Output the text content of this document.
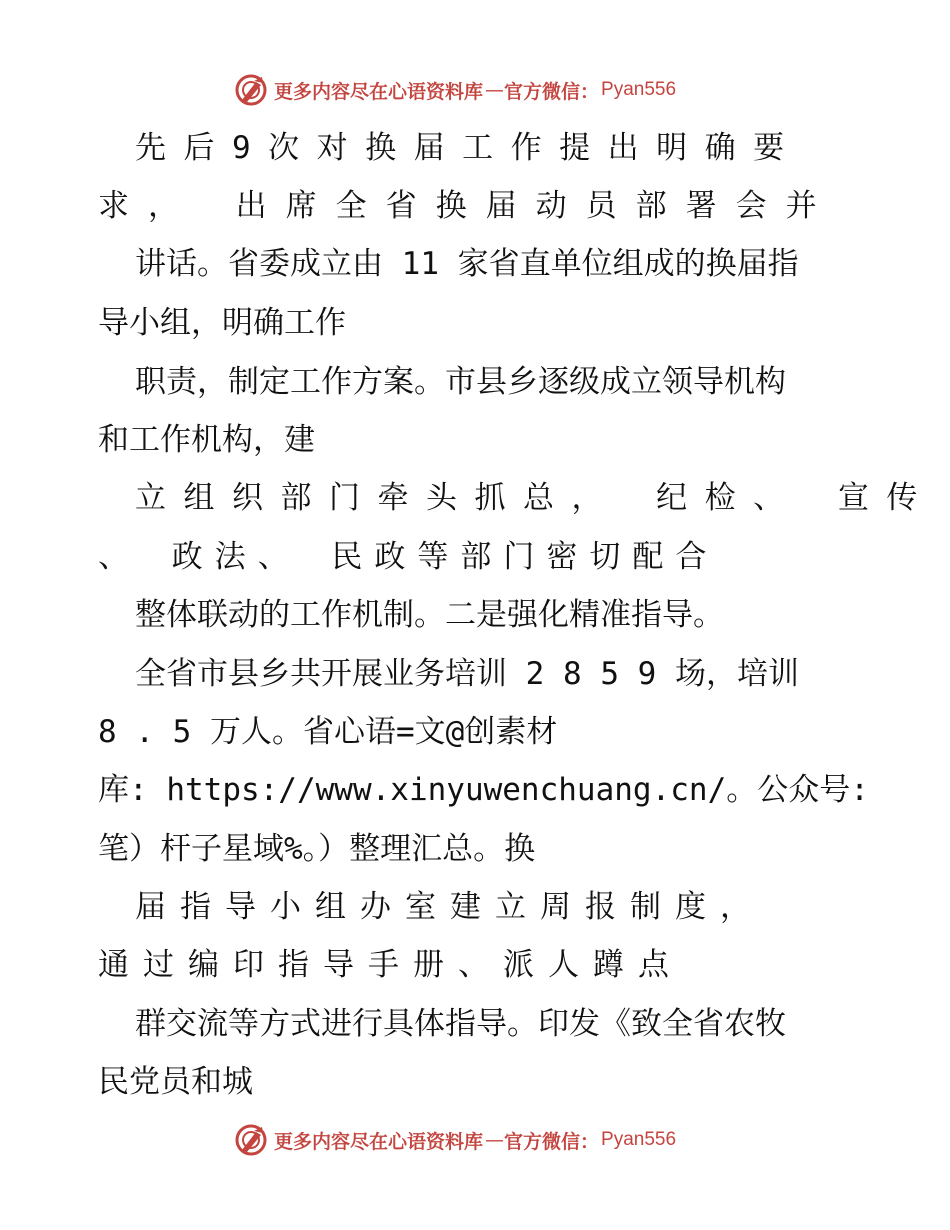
更多内容尽在心语资料库 — 官方微信： Pyan556
先后9次对换届工作提出明确要
求， 出席全省换届动员部署会并
讲话。省委成立由 11 家省直单位组成的换届指
导小组，明确工作
职责，制定工作方案。市县乡逐级成立领导机构
和工作机构，建
立组织部门牵头抓总， 纪检、 宣传
、 政法、 民政等部门密切配合
整体联动的工作机制。二是强化精准指导。
全省市县乡共开展业务培训 2 8 5 9 场，培训
8 . 5 万人。省心语=文@创素材
库: https://www.xinyuwenchuang.cn/。公众号:
笔）杆子星域%。）整理汇总。换
届指导小组办室建立周报制度，
通过编印指导手册、派人蹲点
群交流等方式进行具体指导。印发《致全省农牧
民党员和城
更多内容尽在心语资料库 — 官方微信： Pyan556
